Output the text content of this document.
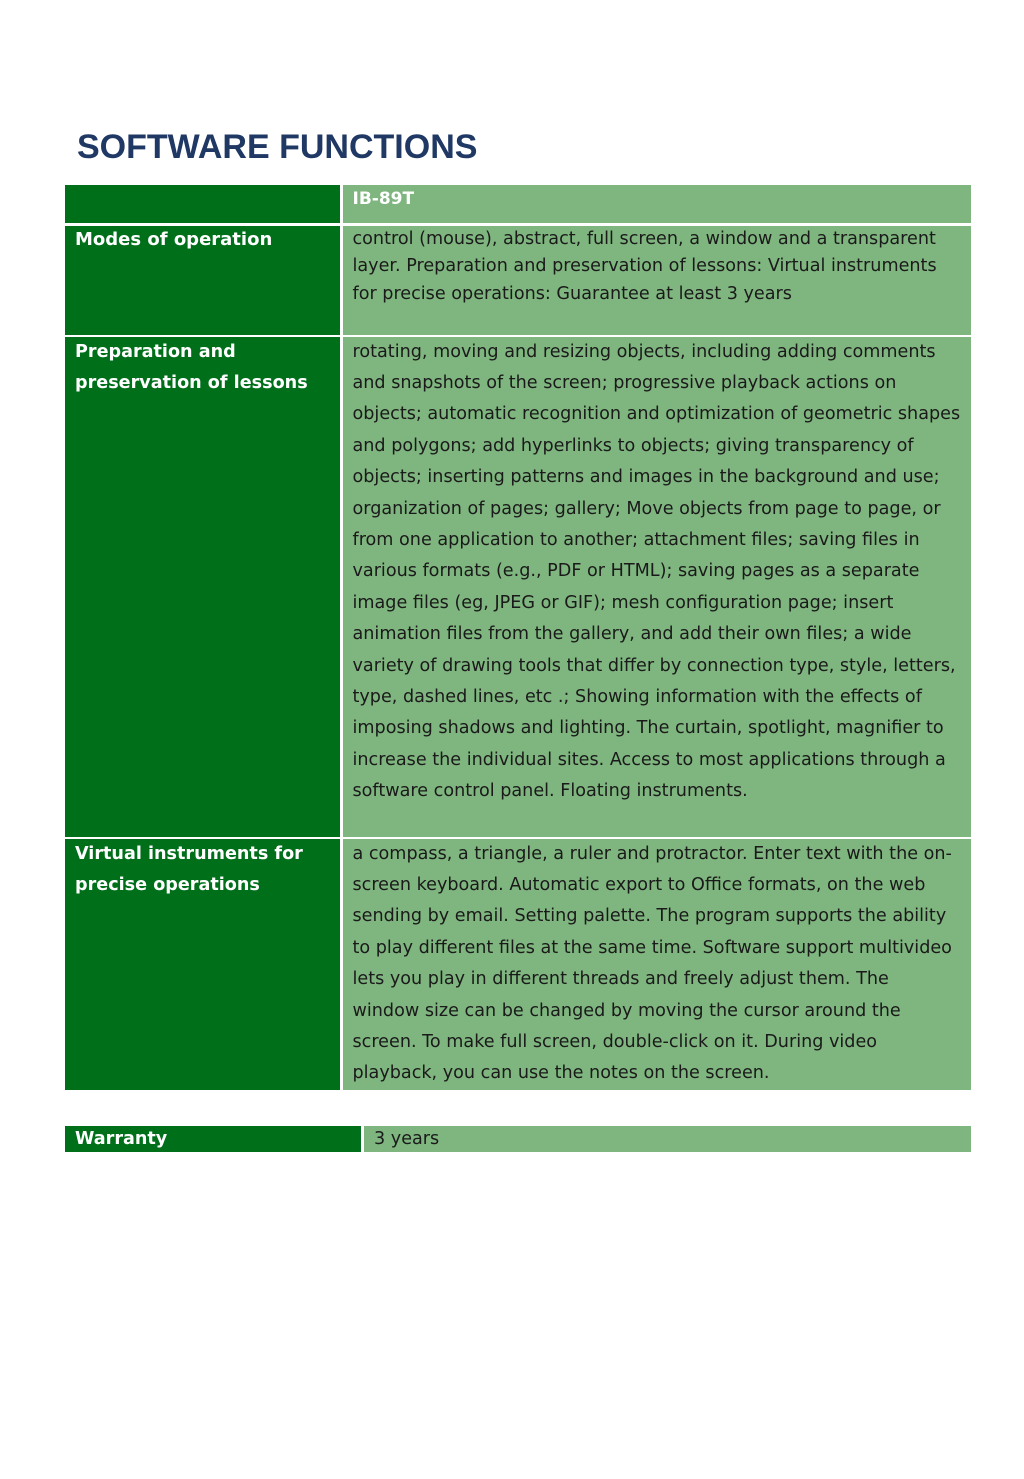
SOFTWARE FUNCTIONS
	IB-89T
Modes of operation	control (mouse), abstract, full screen, a window and a transparent layer. Preparation and preservation of lessons: Virtual instruments for precise operations: Guarantee at least 3 years
Preparation and preservation of lessons	rotating, moving and resizing objects, including adding comments and snapshots of the screen; progressive playback actions on objects; automatic recognition and optimization of geometric shapes and polygons; add hyperlinks to objects; giving transparency of objects; inserting patterns and images in the background and use; organization of pages; gallery; Move objects from page to page, or from one application to another; attachment files; saving files in various formats (e.g., PDF or HTML); saving pages as a separate image files (eg, JPEG or GIF); mesh configuration page; insert animation files from the gallery, and add their own files; a wide variety of drawing tools that differ by connection type, style, letters, type, dashed lines, etc .; Showing information with the effects of imposing shadows and lighting. The curtain, spotlight, magnifier to increase the individual sites. Access to most applications through a software control panel. Floating instruments.
Virtual instruments for precise operations	a compass, a triangle, a ruler and protractor. Enter text with the on-screen keyboard. Automatic export to Office formats, on the web sending by email. Setting palette. The program supports the ability to play different files at the same time. Software support multivideo lets you play in different threads and freely adjust them. The window size can be changed by moving the cursor around the screen. To make full screen, double-click on it. During video playback, you can use the notes on the screen.
Warranty	3 years
